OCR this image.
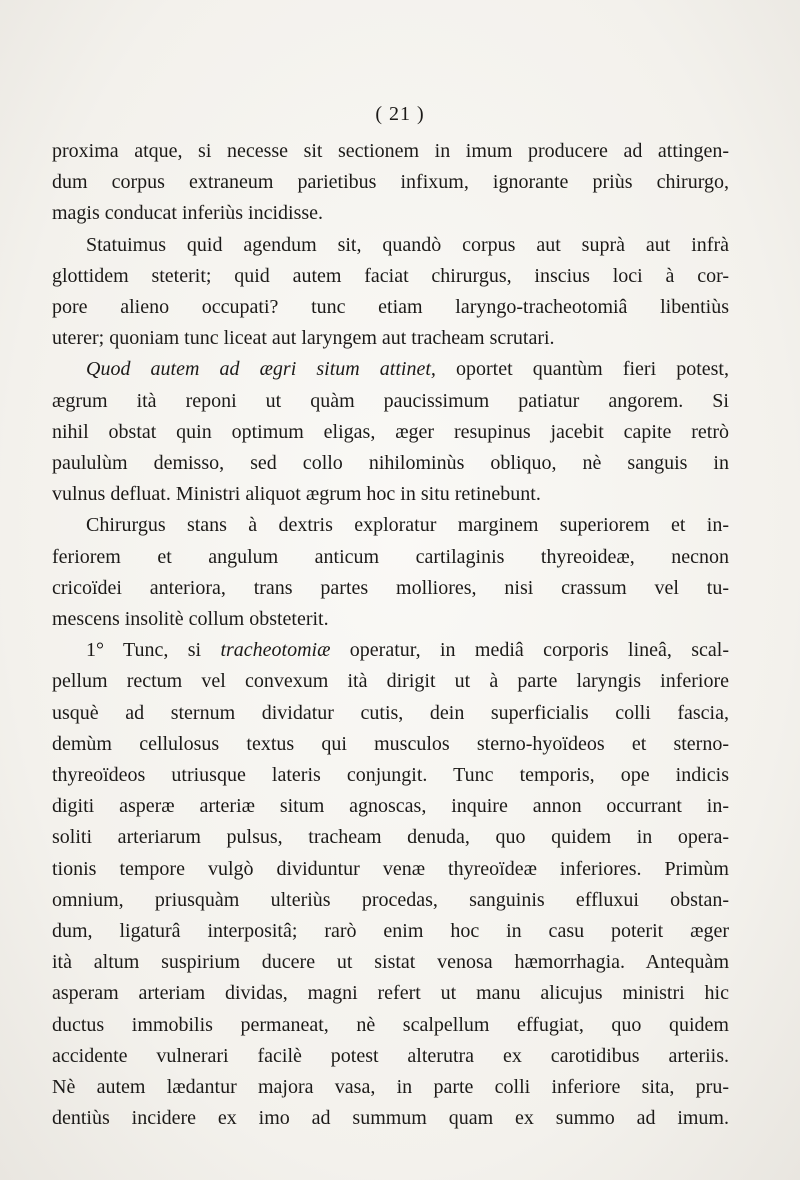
( 21 )

proxima atque, si necesse sit sectionem in imum producere ad attingen-

dum corpus extraneum parietibus infixum, ignorante priùs chirurgo,

magis conducat inferiùs incidisse.

Statuimus quid agendum sit, quandò corpus aut suprà aut infrà

glottidem steterit; quid autem faciat chirurgus, inscius loci à cor-

pore alieno occupati? tunc etiam laryngo-tracheotomiâ libentiùs

uterer; quoniam tunc liceat aut laryngem aut tracheam scrutari.

Quod autem ad ægri situm attinet, oportet quantùm fieri potest,

ægrum ità reponi ut quàm paucissimum patiatur angorem. Si

nihil obstat quin optimum eligas, æger resupinus jacebit capite retrò

paululùm demisso, sed collo nihilominùs obliquo, nè sanguis in

vulnus defluat. Ministri aliquot ægrum hoc in situ retinebunt.

Chirurgus stans à dextris exploratur marginem superiorem et in-

feriorem et angulum anticum cartilaginis thyreoideæ, necnon

cricoïdei anteriora, trans partes molliores, nisi crassum vel tu-

mescens insolitè collum obsteterit.

1° Tunc, si tracheotomiæ operatur, in mediâ corporis lineâ, scal-

pellum rectum vel convexum ità dirigit ut à parte laryngis inferiore

usquè ad sternum dividatur cutis, dein superficialis colli fascia,

demùm cellulosus textus qui musculos sterno-hyoïdeos et sterno-

thyreoïdeos utriusque lateris conjungit. Tunc temporis, ope indicis

digiti asperæ arteriæ situm agnoscas, inquire annon occurrant in-

soliti arteriarum pulsus, tracheam denuda, quo quidem in opera-

tionis tempore vulgò dividuntur venæ thyreoïdeæ inferiores. Primùm

omnium, priusquàm ulteriùs procedas, sanguinis effluxui obstan-

dum, ligaturâ interpositâ; rarò enim hoc in casu poterit æger

ità altum suspirium ducere ut sistat venosa hæmorrhagia. Antequàm

asperam arteriam dividas, magni refert ut manu alicujus ministri hic

ductus immobilis permaneat, nè scalpellum effugiat, quo quidem

accidente vulnerari facilè potest alterutra ex carotidibus arteriis.

Nè autem lædantur majora vasa, in parte colli inferiore sita, pru-

dentiùs incidere ex imo ad summum quam ex summo ad imum.
